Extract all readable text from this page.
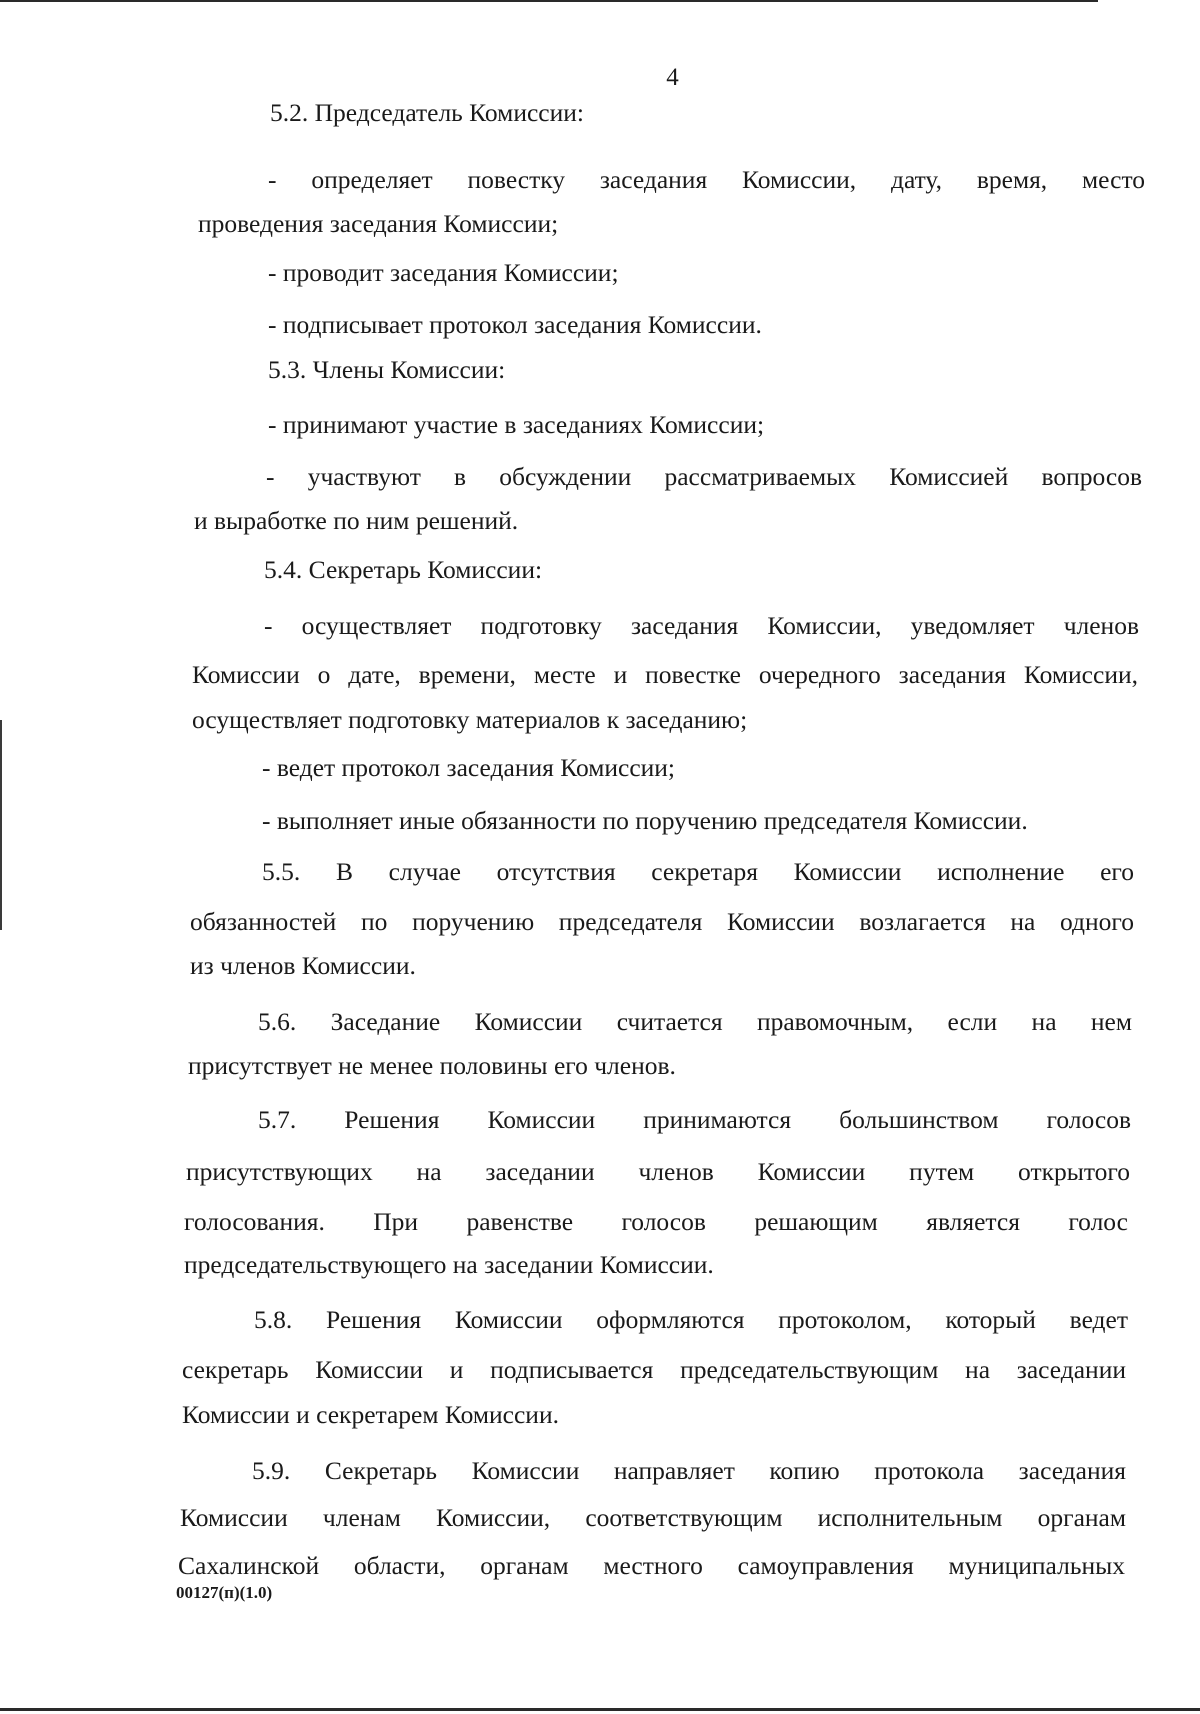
4
5.2. Председатель Комиссии:
- определяет повестку заседания Комиссии, дату, время, место
проведения заседания Комиссии;
- проводит заседания Комиссии;
- подписывает протокол заседания Комиссии.
5.3. Члены Комиссии:
- принимают участие в заседаниях Комиссии;
- участвуют в обсуждении рассматриваемых Комиссией вопросов
и выработке по ним решений.
5.4. Секретарь Комиссии:
- осуществляет подготовку заседания Комиссии, уведомляет членов
Комиссии о дате, времени, месте и повестке очередного заседания Комиссии,
осуществляет подготовку материалов к заседанию;
- ведет протокол заседания Комиссии;
- выполняет иные обязанности по поручению председателя Комиссии.
5.5. В случае отсутствия секретаря Комиссии исполнение его
обязанностей по поручению председателя Комиссии возлагается на одного
из членов Комиссии.
5.6. Заседание Комиссии считается правомочным, если на нем
присутствует не менее половины его членов.
5.7. Решения Комиссии принимаются большинством голосов
присутствующих на заседании членов Комиссии путем открытого
голосования. При равенстве голосов решающим является голос
председательствующего на заседании Комиссии.
5.8. Решения Комиссии оформляются протоколом, который ведет
секретарь Комиссии и подписывается председательствующим на заседании
Комиссии и секретарем Комиссии.
5.9. Секретарь Комиссии направляет копию протокола заседания
Комиссии членам Комиссии, соответствующим исполнительным органам
Сахалинской области, органам местного самоуправления муниципальных
00127(п)(1.0)
